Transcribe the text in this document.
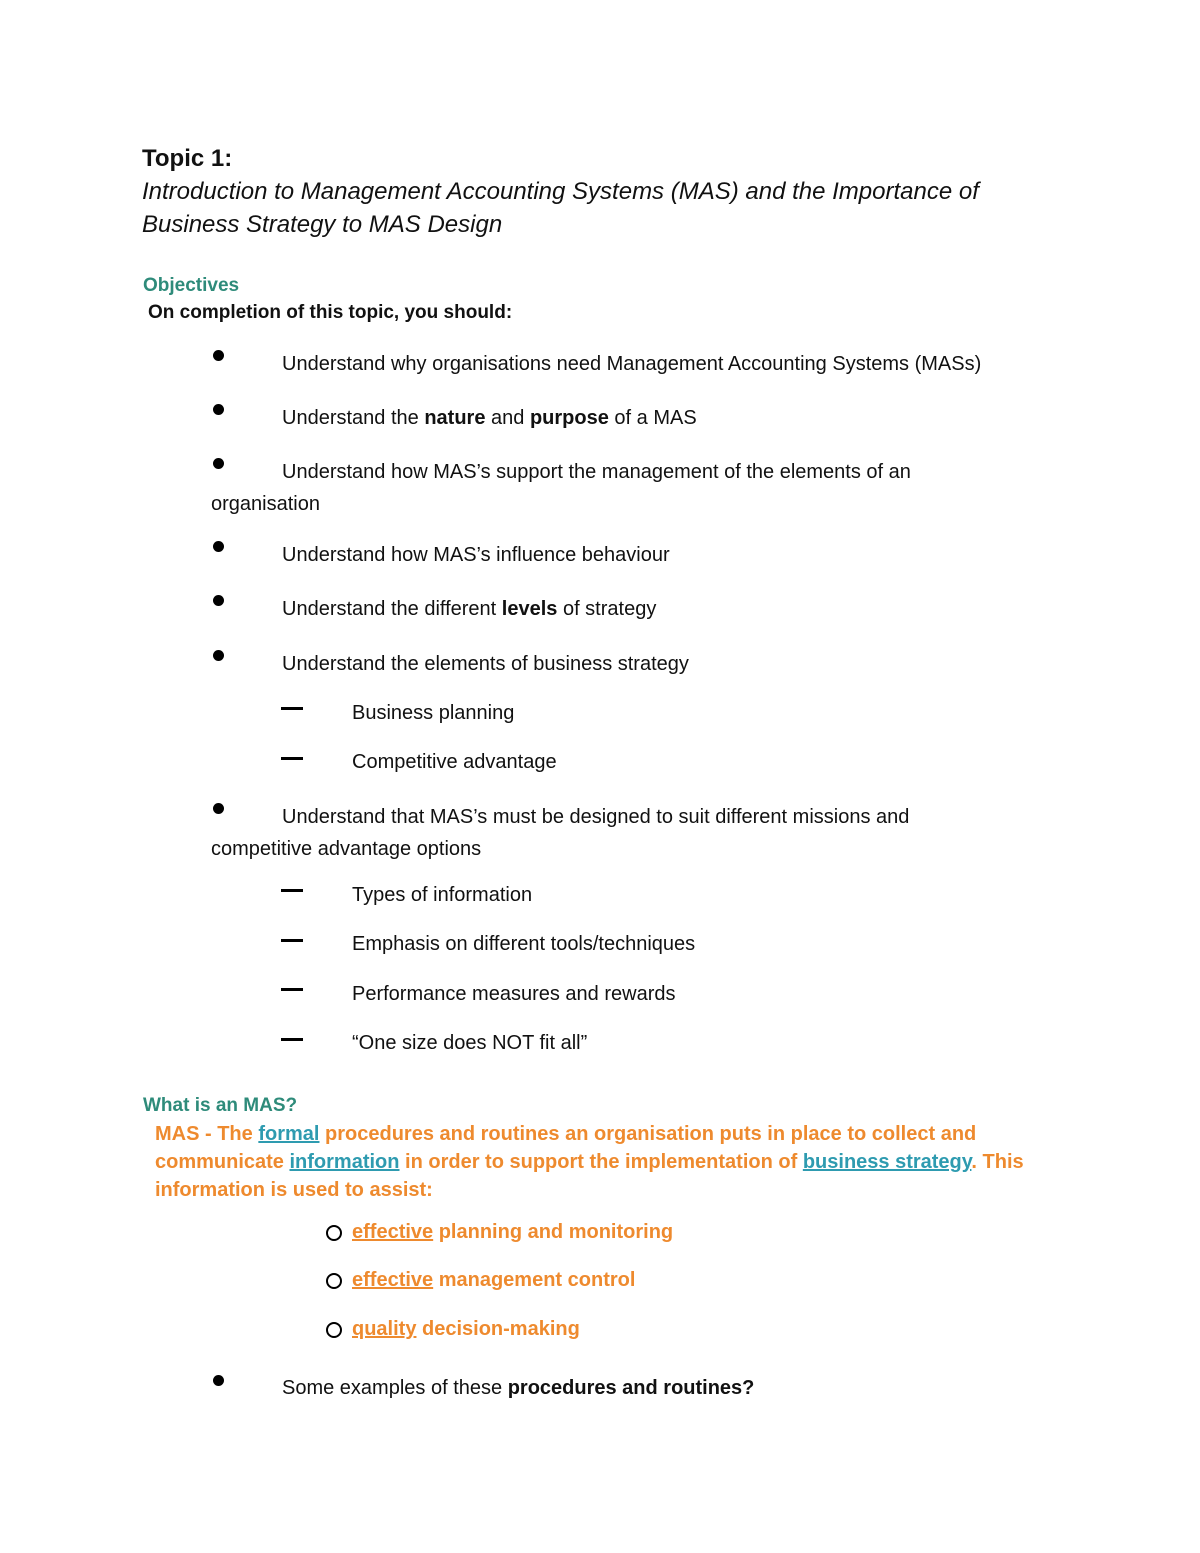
Topic 1:
Introduction to Management Accounting Systems (MAS) and the Importance of
Business Strategy to MAS Design
Objectives
On completion of this topic, you should:
Understand why organisations need Management Accounting Systems (MASs)
Understand the nature and purpose of a MAS
Understand how MAS’s support the management of the elements of an
organisation
Understand how MAS’s influence behaviour
Understand the different levels of strategy
Understand the elements of business strategy
Business planning
Competitive advantage
Understand that MAS’s must be designed to suit different missions and
competitive advantage options
Types of information
Emphasis on different tools/techniques
Performance measures and rewards
“One size does NOT fit all”
What is an MAS?
MAS - The formal procedures and routines an organisation puts in place to collect and
communicate information in order to support the implementation of business strategy. This
information is used to assist:
effective planning and monitoring
effective management control
quality decision-making
Some examples of these procedures and routines?
